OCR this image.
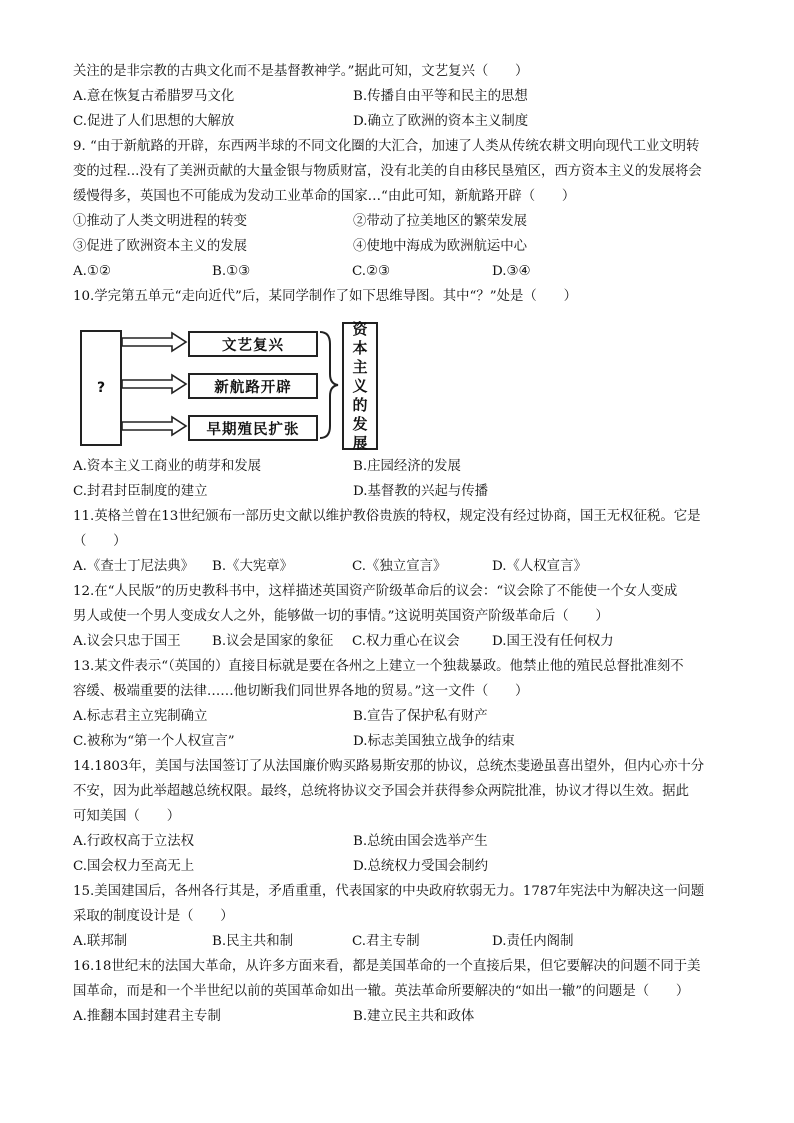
关注的是非宗教的古典文化而不是基督教神学。”据此可知，文艺复兴（　　）
A.意在恢复古希腊罗马文化	B.传播自由平等和民主的思想
C.促进了人们思想的大解放	D.确立了欧洲的资本主义制度
9. “由于新航路的开辟，东西两半球的不同文化圈的大汇合，加速了人类从传统农耕文明向现代工业文明转
变的过程...没有了美洲贡献的大量金银与物质财富，没有北美的自由移民垦殖区，西方资本主义的发展将会
缓慢得多，英国也不可能成为发动工业革命的国家…“由此可知，新航路开辟（　　）
①推动了人类文明进程的转变	②带动了拉美地区的繁荣发展
③促进了欧洲资本主义的发展	④使地中海成为欧洲航运中心
A.①②	B.①③	C.②③	D.③④
10.学完第五单元“走向近代”后，某同学制作了如下思维导图。其中“？”处是（　　）
?
文艺复兴
新航路开辟
早期殖民扩张
资
本
主
义
的
发
展
A.资本主义工商业的萌芽和发展	B.庄园经济的发展
C.封君封臣制度的建立	D.基督教的兴起与传播
11.英格兰曾在13世纪颁布一部历史文献以维护教俗贵族的特权，规定没有经过协商，国王无权征税。它是
（　　）
A.《查士丁尼法典》 B.《大宪章》	C.《独立宣言》	D.《人权宣言》
12.在“人民版”的历史教科书中，这样描述英国资产阶级革命后的议会：“议会除了不能使一个女人变成
男人或使一个男人变成女人之外，能够做一切的事情。”这说明英国资产阶级革命后（　　）
A.议会只忠于国王 B.议会是国家的象征 C.权力重心在议会 D.国王没有任何权力
13.某文件表示“（英国的）直接目标就是要在各州之上建立一个独裁暴政。他禁止他的殖民总督批准刻不
容缓、极端重要的法律……他切断我们同世界各地的贸易。”这一文件（　　）
A.标志君主立宪制确立	B.宣告了保护私有财产
C.被称为“第一个人权宣言”	D.标志美国独立战争的结束
14.1803年，美国与法国签订了从法国廉价购买路易斯安那的协议，总统杰斐逊虽喜出望外，但内心亦十分
不安，因为此举超越总统权限。最终，总统将协议交予国会并获得参众两院批准，协议才得以生效。据此
可知美国（　　）
A.行政权高于立法权	B.总统由国会选举产生
C.国会权力至高无上	D.总统权力受国会制约
15.美国建国后，各州各行其是，矛盾重重，代表国家的中央政府软弱无力。1787年宪法中为解决这一问题
采取的制度设计是（　　）
A.联邦制	B.民主共和制	C.君主专制	D.责任内阁制
16.18世纪末的法国大革命，从许多方面来看，都是美国革命的一个直接后果，但它要解决的问题不同于美
国革命，而是和一个半世纪以前的英国革命如出一辙。英法革命所要解决的“如出一辙”的问题是（　　）
A.推翻本国封建君主专制	B.建立民主共和政体
